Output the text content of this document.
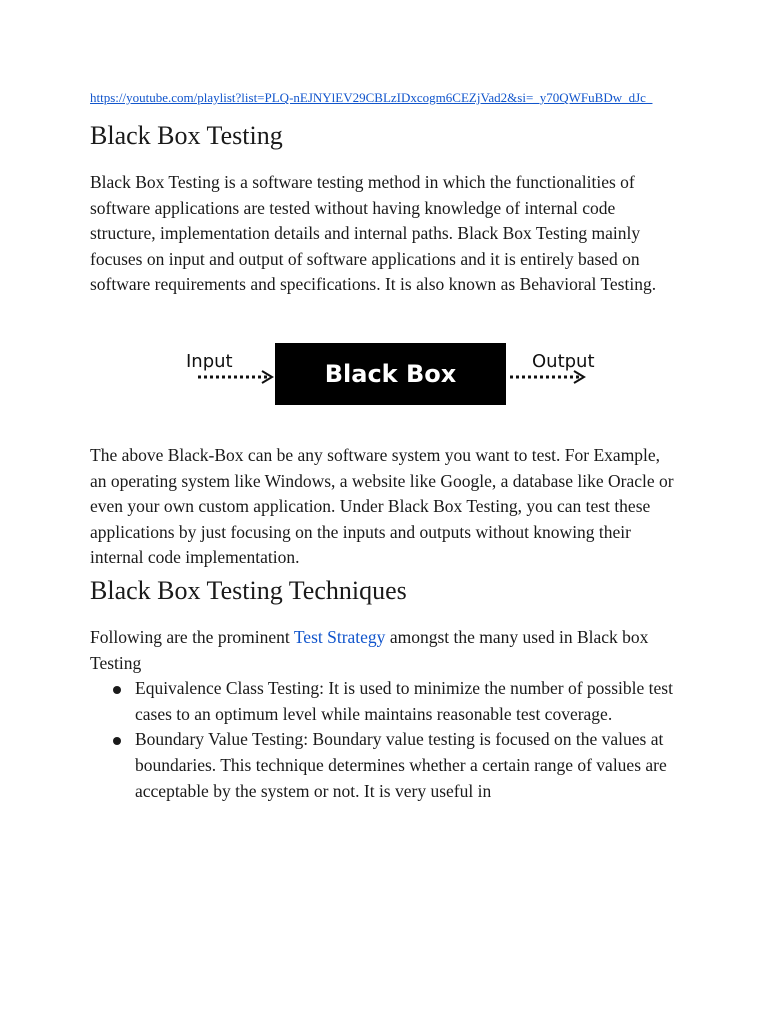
https://youtube.com/playlist?list=PLQ-nEJNYlEV29CBLzIDxcogm6CEZjVad2&si=_y70QWFuBDw_dJc_
Black Box Testing

Black Box Testing is a software testing method in which the functionalities of software applications are tested without having knowledge of internal code structure, implementation details and internal paths. Black Box Testing mainly focuses on input and output of software applications and it is entirely based on software requirements and specifications. It is also known as Behavioral Testing.

Input	Black Box	Output

The above Black-Box can be any software system you want to test. For Example, an operating system like Windows, a website like Google, a database like Oracle or even your own custom application. Under Black Box Testing, you can test these applications by just focusing on the inputs and outputs without knowing their internal code implementation.

Black Box Testing Techniques

Following are the prominent Test Strategy amongst the many used in Black box Testing

Equivalence Class Testing: It is used to minimize the number of possible test cases to an optimum level while maintains reasonable test coverage.
Boundary Value Testing: Boundary value testing is focused on the values at boundaries. This technique determines whether a certain range of values are acceptable by the system or not. It is very useful in
